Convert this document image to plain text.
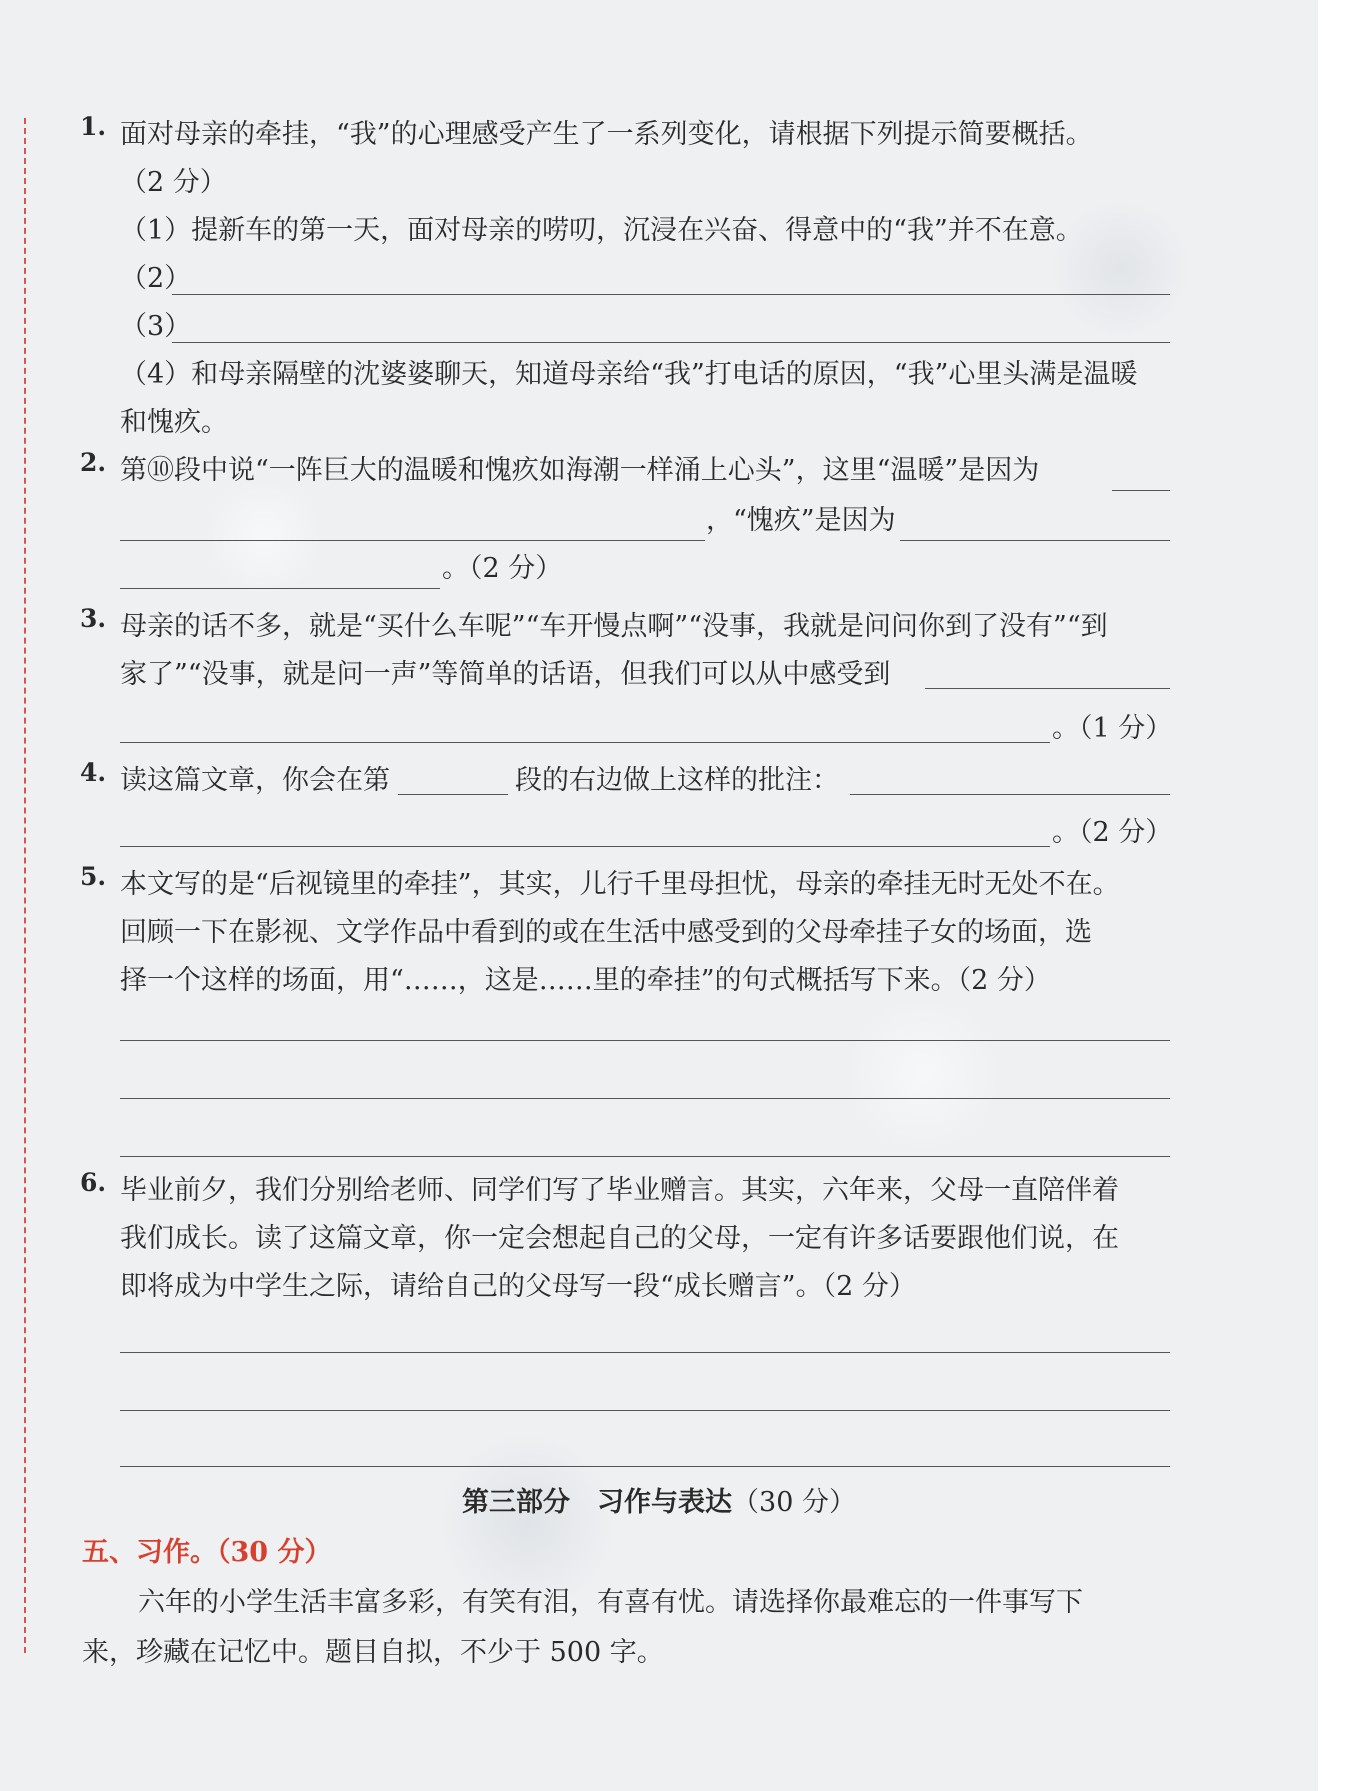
1. 面对母亲的牵挂，“我”的心理感受产生了一系列变化，请根据下列提示简要概括。
（2 分）
（1）提新车的第一天，面对母亲的唠叨，沉浸在兴奋、得意中的“我”并不在意。
（2）
（3）
（4）和母亲隔壁的沈婆婆聊天，知道母亲给“我”打电话的原因，“我”心里头满是温暖
和愧疚。
2. 第⑩段中说“一阵巨大的温暖和愧疚如海潮一样涌上心头”，这里“温暖”是因为
，“愧疚”是因为
。（2 分）
3. 母亲的话不多，就是“买什么车呢”“车开慢点啊”“没事，我就是问问你到了没有”“到
家了”“没事，就是问一声”等简单的话语，但我们可以从中感受到
。（1 分）
4. 读这篇文章，你会在第	段的右边做上这样的批注：
。（2 分）
5. 本文写的是“后视镜里的牵挂”，其实，儿行千里母担忧，母亲的牵挂无时无处不在。
回顾一下在影视、文学作品中看到的或在生活中感受到的父母牵挂子女的场面，选
择一个这样的场面，用“……，这是……里的牵挂”的句式概括写下来。（2 分）
6. 毕业前夕，我们分别给老师、同学们写了毕业赠言。其实，六年来，父母一直陪伴着
我们成长。读了这篇文章，你一定会想起自己的父母，一定有许多话要跟他们说，在
即将成为中学生之际，请给自己的父母写一段“成长赠言”。（2 分）
第三部分　习作与表达（30 分）
五、习作。（30 分）
六年的小学生活丰富多彩，有笑有泪，有喜有忧。请选择你最难忘的一件事写下
来，珍藏在记忆中。题目自拟，不少于 500 字。
